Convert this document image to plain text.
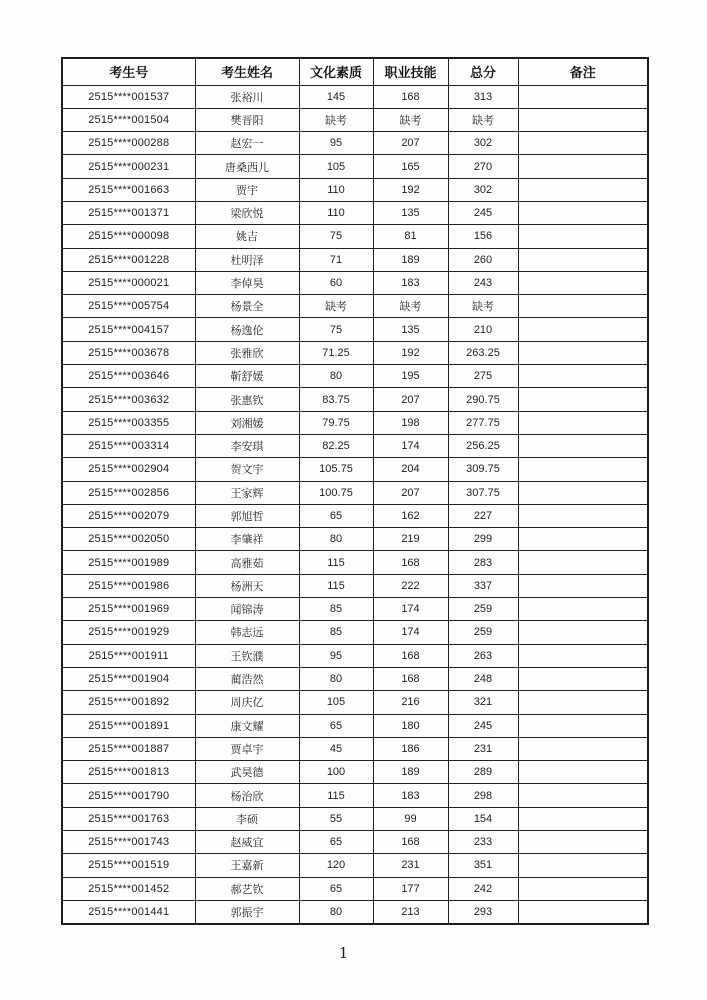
考生号	考生姓名	文化素质	职业技能	总分	备注
2515****001537	张裕川	145	168	313	
2515****001504	樊晋阳	缺考	缺考	缺考	
2515****000288	赵宏一	95	207	302	
2515****000231	唐桑西儿	105	165	270	
2515****001663	贾宇	110	192	302	
2515****001371	梁欣悦	110	135	245	
2515****000098	姚吉	75	81	156	
2515****001228	杜明泽	71	189	260	
2515****000021	李倬昊	60	183	243	
2515****005754	杨景全	缺考	缺考	缺考	
2515****004157	杨逸伦	75	135	210	
2515****003678	张雅欣	71.25	192	263.25	
2515****003646	靳舒媛	80	195	275	
2515****003632	张惠钦	83.75	207	290.75	
2515****003355	刘湘媛	79.75	198	277.75	
2515****003314	李安琪	82.25	174	256.25	
2515****002904	贺文宇	105.75	204	309.75	
2515****002856	王家辉	100.75	207	307.75	
2515****002079	郭旭哲	65	162	227	
2515****002050	李肇祥	80	219	299	
2515****001989	高雅茹	115	168	283	
2515****001986	杨洲天	115	222	337	
2515****001969	闻锦涛	85	174	259	
2515****001929	韩志远	85	174	259	
2515****001911	王钦濮	95	168	263	
2515****001904	蔺浩然	80	168	248	
2515****001892	周庆亿	105	216	321	
2515****001891	康文耀	65	180	245	
2515****001887	贾卓宇	45	186	231	
2515****001813	武昊德	100	189	289	
2515****001790	杨治欣	115	183	298	
2515****001763	李硕	55	99	154	
2515****001743	赵威宜	65	168	233	
2515****001519	王嘉新	120	231	351	
2515****001452	郝艺钦	65	177	242	
2515****001441	郭振宇	80	213	293	
1
